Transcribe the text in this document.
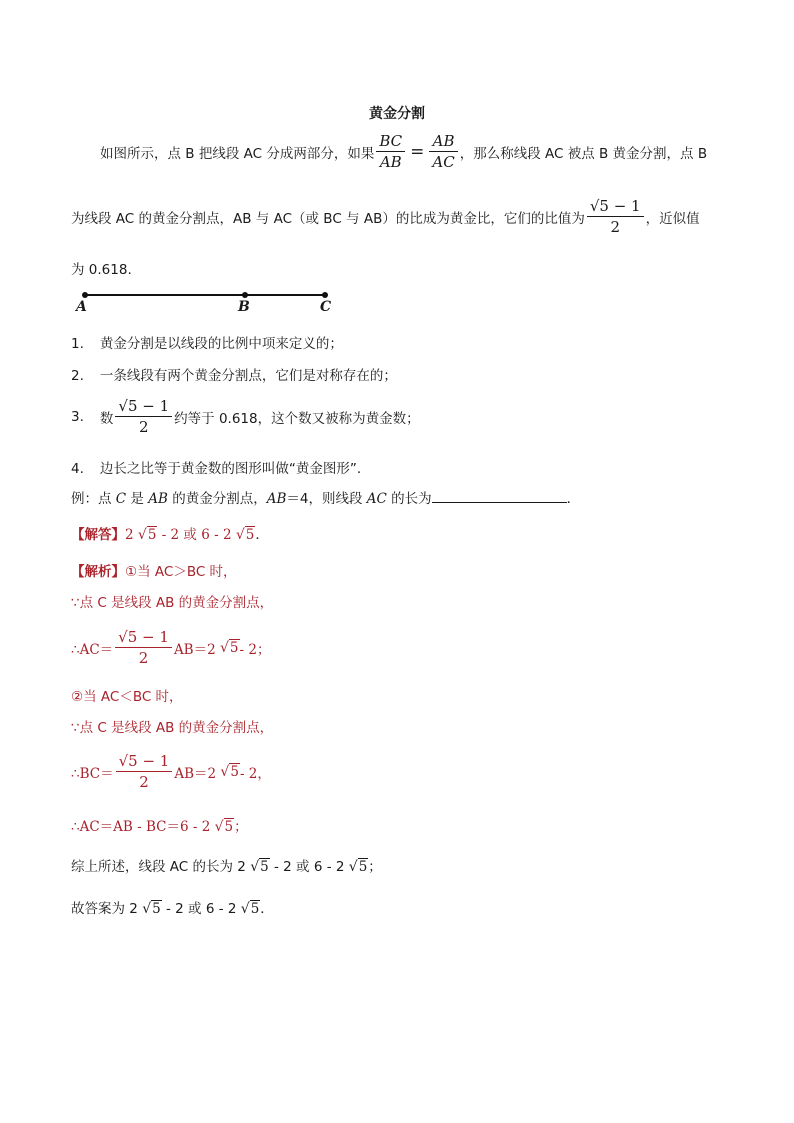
黄金分割
如图所示，点 B 把线段 AC 分成两部分，如果 $\frac{BC}{AB} = \frac{AB}{AC}$ ，那么称线段 AC 被点 B 黄金分割，点 B
为线段 AC 的黄金分割点，AB 与 AC（或 BC 与 AB）的比成为黄金比，它们的比值为 $\frac{√5 - 1}{2}$ ，近似值
为 0.618.
A	B	C
1. 黄金分割是以线段的比例中项来定义的；
2. 一条线段有两个黄金分割点，它们是对称存在的；
3. 数 $\frac{√5 - 1}{2}$ 约等于 0.618，这个数又被称为黄金数；
4. 边长之比等于黄金数的图形叫做“黄金图形”.
例：点 C 是 AB 的黄金分割点，AB＝4，则线段 AC 的长为	．
【解答】2 √5 - 2 或 6 - 2 √5．
【解析】①当 AC＞BC 时，
∵点 C 是线段 AB 的黄金分割点，
∴AC＝ $\frac{√5 - 1}{2} AB=2$
√5 - 2；
②当 AC＜BC 时，
∵点 C 是线段 AB 的黄金分割点，
∴BC＝ $\frac{√5 - 1}{2} AB=2$
√5 - 2，
∴AC＝AB - BC＝6 - 2 √5；
综上所述，线段 AC 的长为 2 √5 - 2 或 6 - 2 √5；
故答案为 2 √5 - 2 或 6 - 2 √5．
